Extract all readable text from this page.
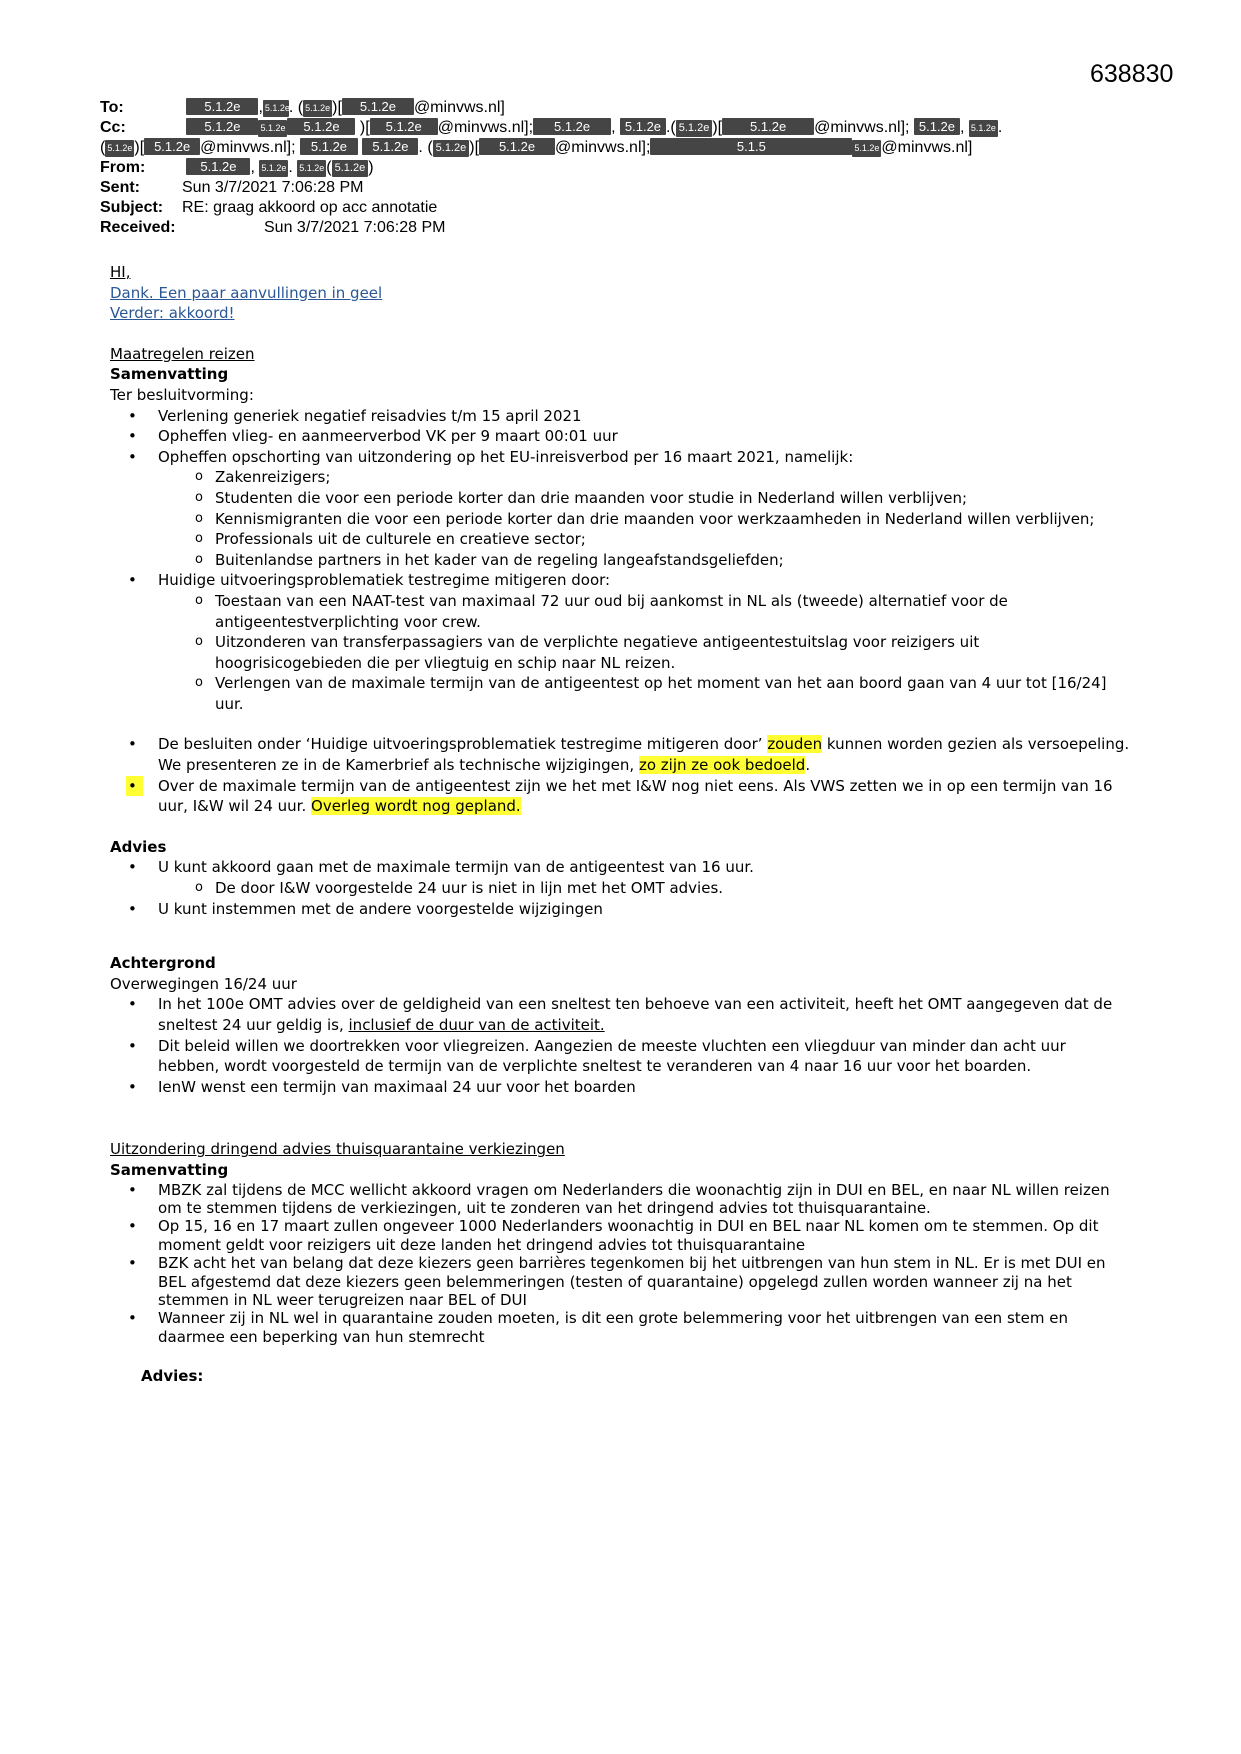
638830
To:	5.1.2e , 5.1.2e. ( 5.1.2e )[ 5.1.2e @minvws.nl]
Cc:	5.1.2e 5.1.2e 5.1.2e )[ 5.1.2e @minvws.nl]; 5.1.2e , 5.1.2e .( 5.1.2e )[ 5.1.2e @minvws.nl]; 5.1.2e , 5.1.2e .
( 5.1.2e )[ 5.1.2e @minvws.nl]; 5.1.2e 5.1.2e . ( 5.1.2e )[ 5.1.2e @minvws.nl];	5.1.5	5.1.2e @minvws.nl]
From:	5.1.2e , 5.1.2e . 5.1.2e ( 5.1.2e )
Sent:	Sun 3/7/2021 7:06:28 PM
Subject: RE: graag akkoord op acc annotatie
Received:	Sun 3/7/2021 7:06:28 PM
HI,
Dank. Een paar aanvullingen in geel
Verder: akkoord!
Maatregelen reizen
Samenvatting
Ter besluitvorming:
• Verlening generiek negatief reisadvies t/m 15 april 2021
• Opheffen vlieg- en aanmeerverbod VK per 9 maart 00:01 uur
• Opheffen opschorting van uitzondering op het EU-inreisverbod per 16 maart 2021, namelijk:
o Zakenreizigers;
o Studenten die voor een periode korter dan drie maanden voor studie in Nederland willen verblijven;
o Kennismigranten die voor een periode korter dan drie maanden voor werkzaamheden in Nederland willen verblijven;
o Professionals uit de culturele en creatieve sector;
o Buitenlandse partners in het kader van de regeling langeafstandsgeliefden;
• Huidige uitvoeringsproblematiek testregime mitigeren door:
o Toestaan van een NAAT-test van maximaal 72 uur oud bij aankomst in NL als (tweede) alternatief voor de antigeentestverplichting voor crew.
o Uitzonderen van transferpassagiers van de verplichte negatieve antigeentestuitslag voor reizigers uit hoogrisicogebieden die per vliegtuig en schip naar NL reizen.
o Verlengen van de maximale termijn van de antigeentest op het moment van het aan boord gaan van 4 uur tot [16/24] uur.
• De besluiten onder ‘Huidige uitvoeringsproblematiek testregime mitigeren door’ zouden kunnen worden gezien als versoepeling. We presenteren ze in de Kamerbrief als technische wijzigingen, zo zijn ze ook bedoeld.
• Over de maximale termijn van de antigeentest zijn we het met I&W nog niet eens. Als VWS zetten we in op een termijn van 16 uur, I&W wil 24 uur. Overleg wordt nog gepland.
Advies
• U kunt akkoord gaan met de maximale termijn van de antigeentest van 16 uur.
o De door I&W voorgestelde 24 uur is niet in lijn met het OMT advies.
• U kunt instemmen met de andere voorgestelde wijzigingen
Achtergrond
Overwegingen 16/24 uur
• In het 100e OMT advies over de geldigheid van een sneltest ten behoeve van een activiteit, heeft het OMT aangegeven dat de sneltest 24 uur geldig is, inclusief de duur van de activiteit.
• Dit beleid willen we doortrekken voor vliegreizen. Aangezien de meeste vluchten een vliegduur van minder dan acht uur hebben, wordt voorgesteld de termijn van de verplichte sneltest te veranderen van 4 naar 16 uur voor het boarden.
• IenW wenst een termijn van maximaal 24 uur voor het boarden
Uitzondering dringend advies thuisquarantaine verkiezingen
Samenvatting
• MBZK zal tijdens de MCC wellicht akkoord vragen om Nederlanders die woonachtig zijn in DUI en BEL, en naar NL willen reizen om te stemmen tijdens de verkiezingen, uit te zonderen van het dringend advies tot thuisquarantaine.
• Op 15, 16 en 17 maart zullen ongeveer 1000 Nederlanders woonachtig in DUI en BEL naar NL komen om te stemmen. Op dit moment geldt voor reizigers uit deze landen het dringend advies tot thuisquarantaine
• BZK acht het van belang dat deze kiezers geen barrières tegenkomen bij het uitbrengen van hun stem in NL. Er is met DUI en BEL afgestemd dat deze kiezers geen belemmeringen (testen of quarantaine) opgelegd zullen worden wanneer zij na het stemmen in NL weer terugreizen naar BEL of DUI
• Wanneer zij in NL wel in quarantaine zouden moeten, is dit een grote belemmering voor het uitbrengen van een stem en daarmee een beperking van hun stemrecht
Advies:
